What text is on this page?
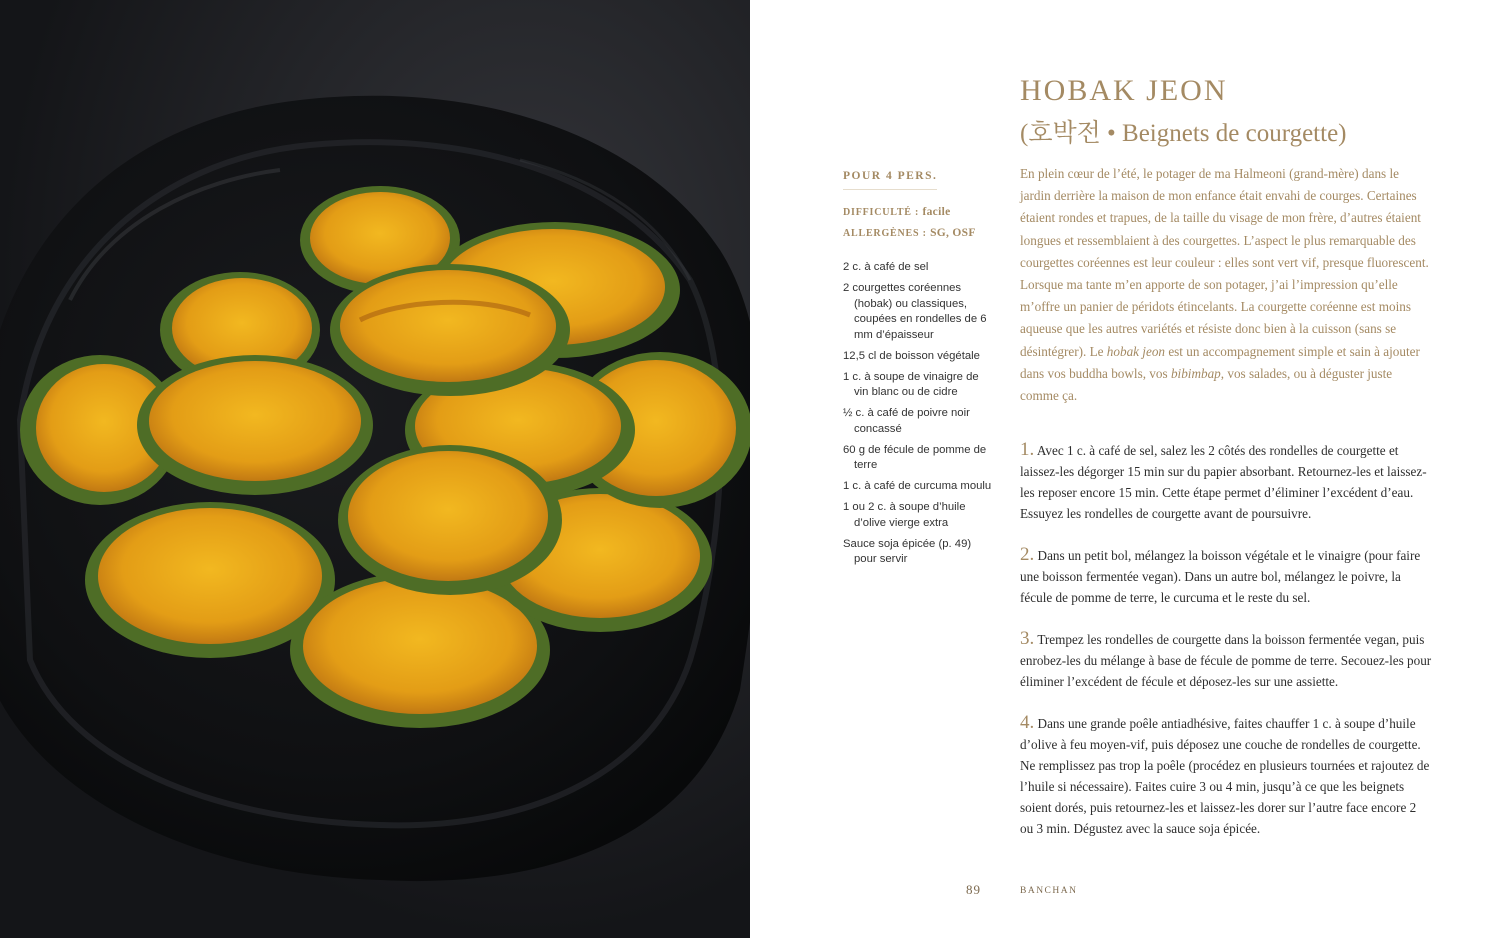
HOBAK JEON
(호박전 • Beignets de courgette)
POUR 4 PERS.
DIFFICULTÉ : facile
ALLERGÈNES : SG, OSF
2 c. à café de sel
2 courgettes coréennes (hobak) ou classiques, coupées en rondelles de 6 mm d’épaisseur
12,5 cl de boisson végétale
1 c. à soupe de vinaigre de vin blanc ou de cidre
½ c. à café de poivre noir concassé
60 g de fécule de pomme de terre
1 c. à café de curcuma moulu
1 ou 2 c. à soupe d’huile d’olive vierge extra
Sauce soja épicée (p. 49) pour servir

En plein cœur de l’été, le potager de ma Halmeoni (grand-mère) dans le jardin derrière la maison de mon enfance était envahi de courges. Certaines étaient rondes et trapues, de la taille du visage de mon frère, d’autres étaient longues et ressemblaient à des courgettes. L’aspect le plus remarquable des courgettes coréennes est leur couleur : elles sont vert vif, presque fluorescent. Lorsque ma tante m’en apporte de son potager, j’ai l’impression qu’elle m’offre un panier de péridots étincelants. La courgette coréenne est moins aqueuse que les autres variétés et résiste donc bien à la cuisson (sans se désintégrer). Le hobak jeon est un accompagnement simple et sain à ajouter dans vos buddha bowls, vos bibimbap, vos salades, ou à déguster juste comme ça.

1. Avec 1 c. à café de sel, salez les 2 côtés des rondelles de courgette et laissez-les dégorger 15 min sur du papier absorbant. Retournez-les et laissez-les reposer encore 15 min. Cette étape permet d’éliminer l’excédent d’eau. Essuyez les rondelles de courgette avant de poursuivre.

2. Dans un petit bol, mélangez la boisson végétale et le vinaigre (pour faire une boisson fermentée vegan). Dans un autre bol, mélangez le poivre, la fécule de pomme de terre, le curcuma et le reste du sel.

3. Trempez les rondelles de courgette dans la boisson fermentée vegan, puis enrobez-les du mélange à base de fécule de pomme de terre. Secouez-les pour éliminer l’excédent de fécule et déposez-les sur une assiette.

4. Dans une grande poêle antiadhésive, faites chauffer 1 c. à soupe d’huile d’olive à feu moyen-vif, puis déposez une couche de rondelles de courgette. Ne remplissez pas trop la poêle (procédez en plusieurs tournées et rajoutez de l’huile si nécessaire). Faites cuire 3 ou 4 min, jusqu’à ce que les beignets soient dorés, puis retournez-les et laissez-les dorer sur l’autre face encore 2 ou 3 min. Dégustez avec la sauce soja épicée.

89	BANCHAN
